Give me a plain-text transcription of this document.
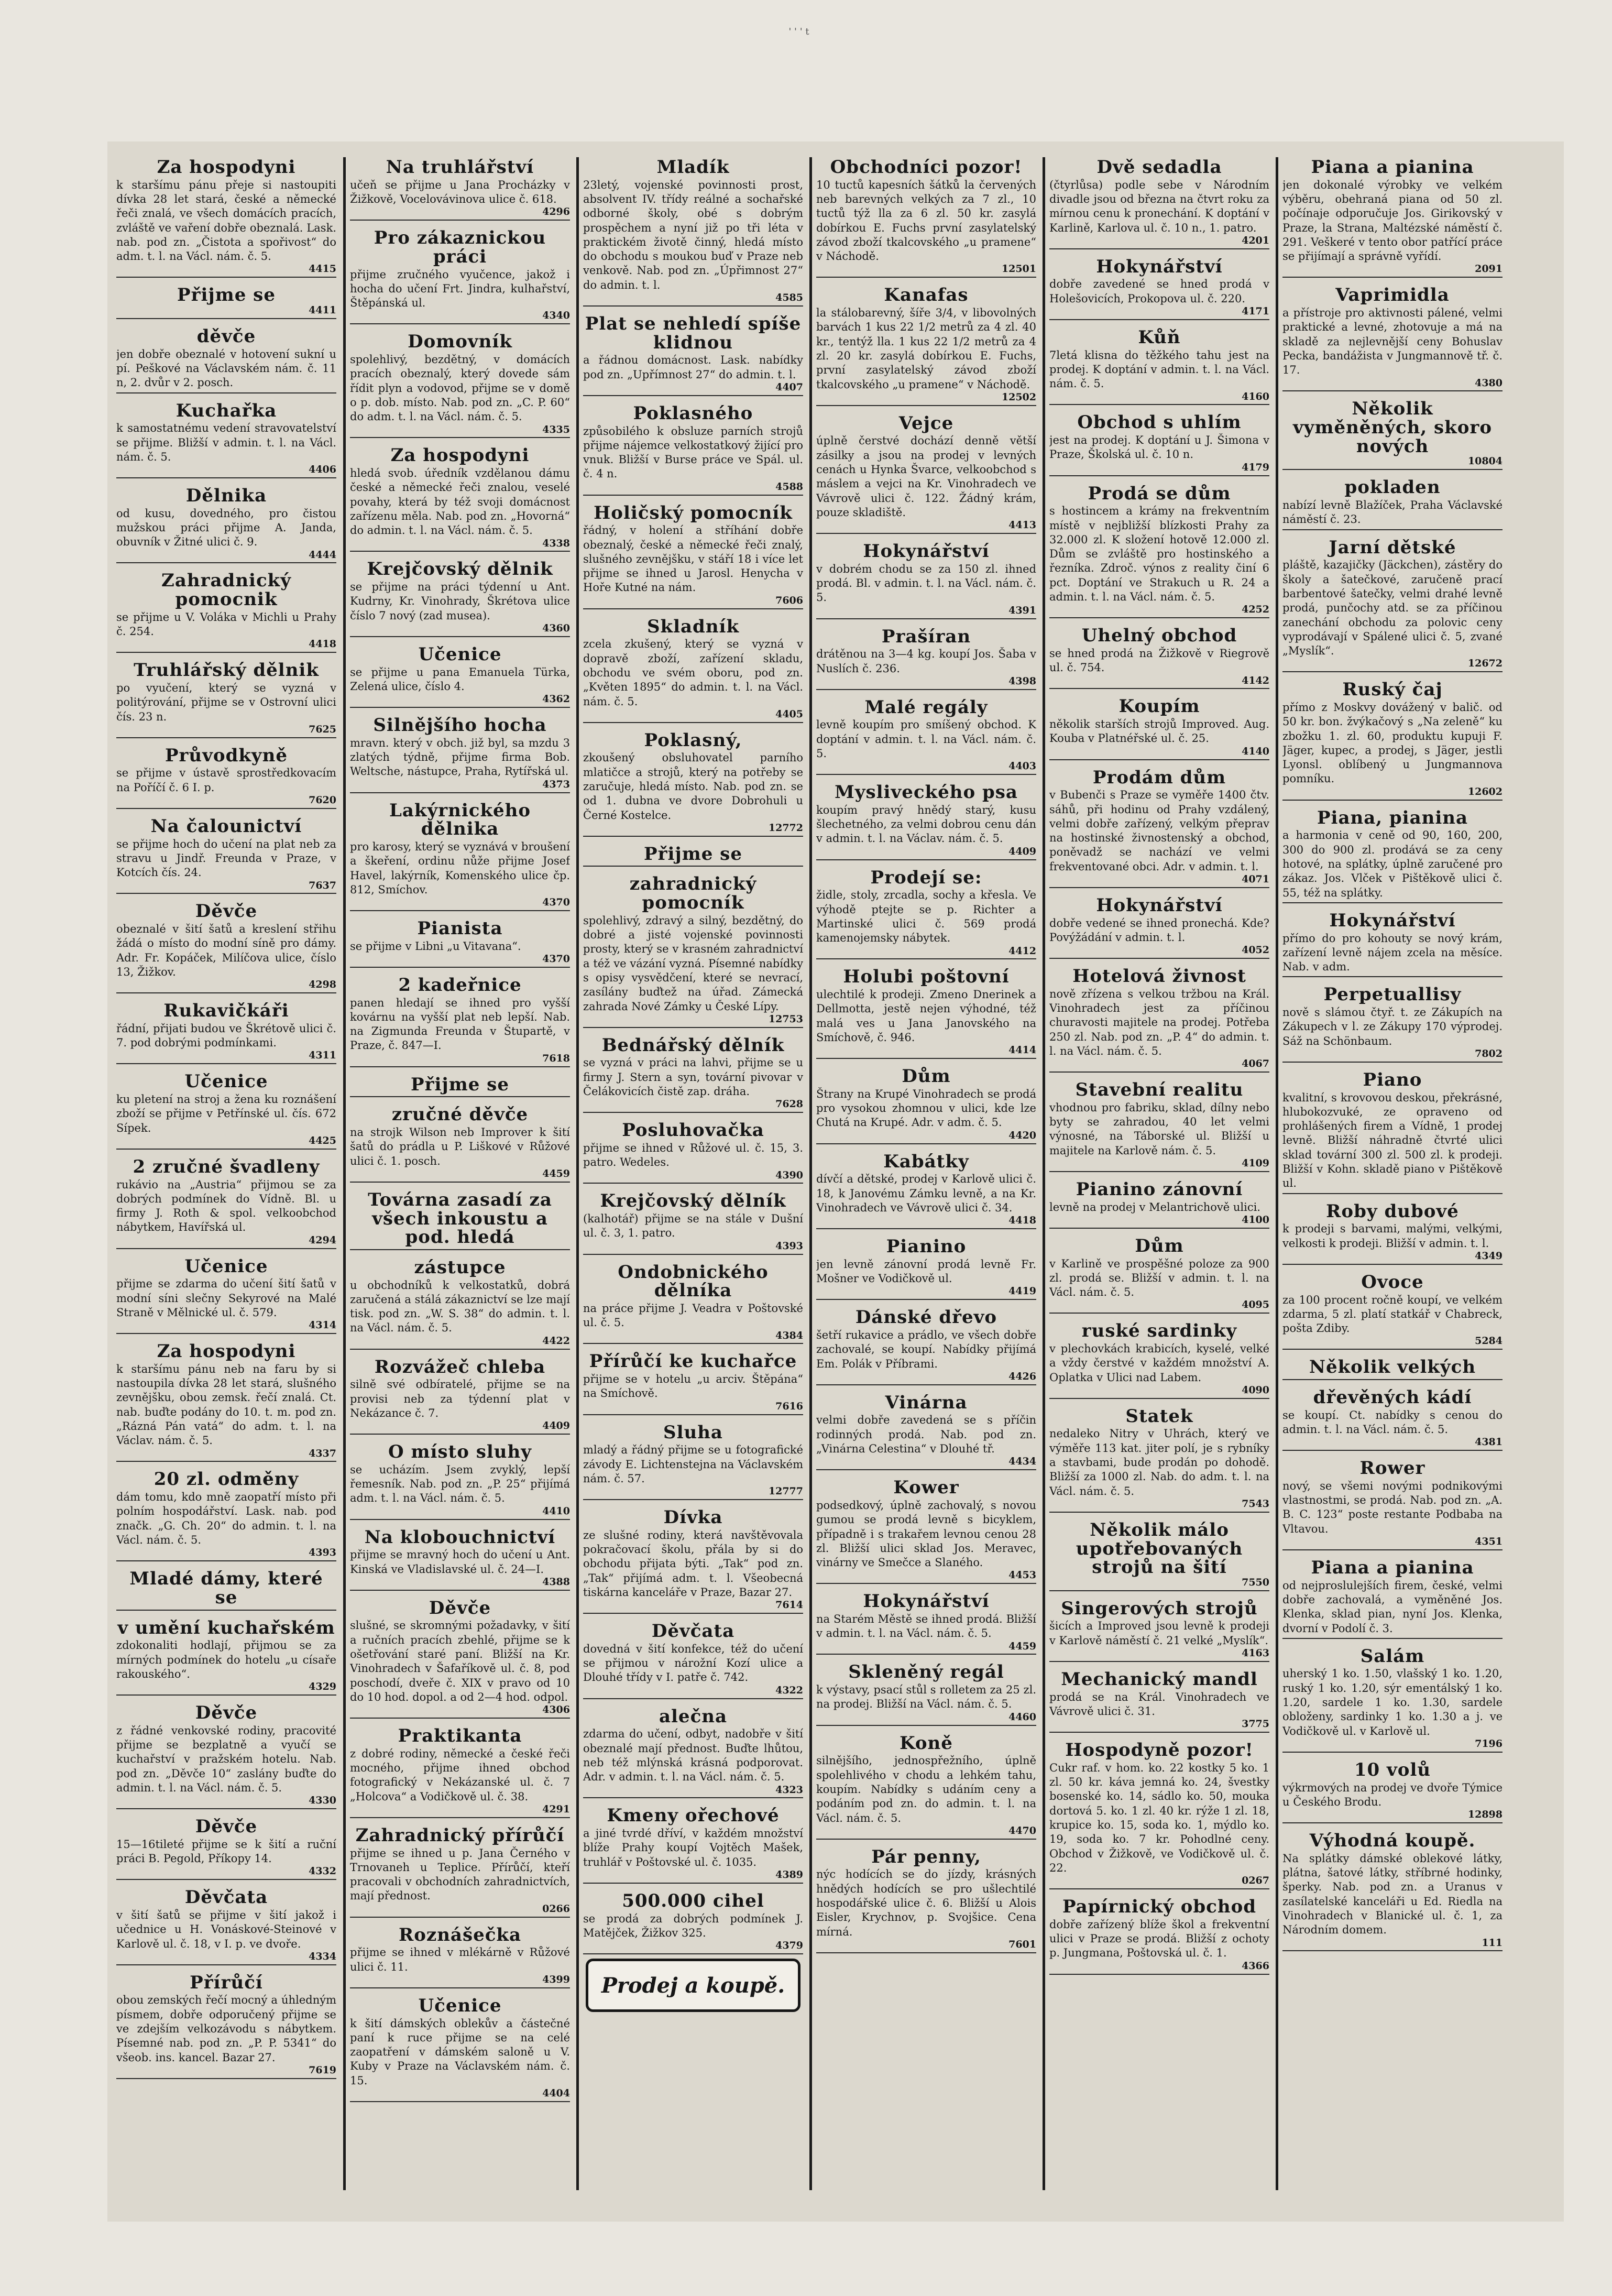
' ' ' t
Za hospodyni

k staršímu pánu přeje si nastoupiti dívka 28 let stará, české a německé řeči znalá, ve všech domácích pracích, zvláště ve vaření dobře obeznalá. Lask. nab. pod zn. „Čistota a spořivost“ do adm. t. l. na Václ. nám. č. 5.

4415
Přijme se
4411
děvče

jen dobře obeznalé v hotovení sukní u pí. Peškové na Václavském nám. č. 11 n, 2. dvůr v 2. posch.

Kuchařka

k samostatnému vedení stravovatelství se přijme. Bližší v admin. t. l. na Václ. nám. č. 5.

4406
Dělnika

od kusu, dovedného, pro čistou mužskou práci přijme A. Janda, obuvník v Žitné ulici č. 9.

4444
Zahradnický pomocnik

se přijme u V. Voláka v Michli u Prahy č. 254.

4418
Truhlářský dělnik

po vyučení, který se vyzná v politýrování, přijme se v Ostrovní ulici čís. 23 n.

7625
Průvodkyně

se přijme v ústavě sprostředkovacím na Poříčí č. 6 I. p.

7620
Na čalounictví

se přijme hoch do učení na plat neb za stravu u Jindř. Freunda v Praze, v Kotcích čís. 24.

7637
Děvče

obeznalé v šití šatů a kreslení střihu žádá o místo do modní síně pro dámy. Adr. Fr. Kopáček, Milíčova ulice, číslo 13, Žižkov.

4298
Rukavičkáři

řádní, přijati budou ve Škrétově ulici č. 7. pod dobrými podmínkami.

4311
Učenice

ku pletení na stroj a žena ku roznášení zboží se přijme v Petřínské ul. čís. 672 Sípek.

4425
2 zručné švadleny

rukávio na „Austria“ přijmou se za dobrých podmínek do Vídně. Bl. u firmy J. Roth & spol. velkoobchod nábytkem, Havířská ul.

4294
Učenice

přijme se zdarma do učení šití šatů v modní síni slečny Sekyrové na Malé Straně v Mělnické ul. č. 579.

4314
Za hospodyni

k staršímu pánu neb na faru by si nastoupila dívka 28 let stará, slušného zevnějšku, obou zemsk. řečí znalá. Ct. nab. buďte podány do 10. t. m. pod zn. „Rázná Pán vatá“ do adm. t. l. na Václav. nám. č. 5.

4337
20 zl. odměny

dám tomu, kdo mně zaopatří místo při polním hospodářství. Lask. nab. pod značk. „G. Ch. 20“ do admin. t. l. na Václ. nám. č. 5.

4393
Mladé dámy, které se
v umění kuchařském

zdokonaliti hodlají, přijmou se za mírných podmínek do hotelu „u císaře rakouského“.

4329
Děvče

z řádné venkovské rodiny, pracovité přijme se bezplatně a vyučí se kuchařství v pražském hotelu. Nab. pod zn. „Děvče 10“ zaslány buďte do admin. t. l. na Václ. nám. č. 5.

4330
Děvče

15—16tileté přijme se k šití a ruční práci B. Pegold, Příkopy 14.

4332
Děvčata

v šití šatů se přijme v šití jakož i učednice u H. Vonáskové-Steinové v Karlově ul. č. 18, v I. p. ve dvoře.

4334
Přírůčí

obou zemských řečí mocný a úhledným písmem, dobře odporučený přijme se ve zdejším velkozávodu s nábytkem. Písemné nab. pod zn. „P. P. 5341“ do všeob. ins. kancel. Bazar 27.

7619
Na truhlářství

učeň se přijme u Jana Procházky v Žižkově, Vocelovávinova ulice č. 618.

4296
Pro zákaznickou práci

přijme zručného vyučence, jakož i hocha do učení Frt. Jindra, kulhařství, Štěpánská ul.

4340
Domovník

spolehlivý, bezdětný, v domácích pracích obeznalý, který dovede sám řídit plyn a vodovod, přijme se v domě o p. dob. místo. Nab. pod zn. „C. P. 60“ do adm. t. l. na Václ. nám. č. 5.

4335
Za hospodyni

hledá svob. úředník vzdělanou dámu české a německé řeči znalou, veselé povahy, která by též svoji domácnost zařízenu měla. Nab. pod zn. „Hovorná“ do admin. t. l. na Václ. nám. č. 5.

4338
Krejčovský dělnik

se přijme na práci týdenní u Ant. Kudrny, Kr. Vinohrady, Škrétova ulice číslo 7 nový (zad musea).

4360
Učenice

se přijme u pana Emanuela Türka, Zelená ulice, číslo 4.

4362
Silnějšího hocha

mravn. který v obch. již byl, sa mzdu 3 zlatých týdně, přijme firma Bob. Weltsche, nástupce, Praha, Rytířská ul.

4373
Lakýrnického dělnika

pro karosy, který se vyznává v broušení a škeření, ordinu nůže přijme Josef Havel, lakýrník, Komenského ulice čp. 812, Smíchov.

4370
Pianista

se přijme v Libni „u Vitavana“.

4370
2 kadeřnice

panen hledají se ihned pro vyšší kovárnu na vyšší plat neb lepší. Nab. na Zigmunda Freunda v Štupartě, v Praze, č. 847—I.

7618
Přijme se
zručné děvče

na strojk Wilson neb Improver k šití šatů do prádla u P. Liškové v Růžové ulici č. 1. posch.

4459
Továrna zasadí za všech inkoustu a pod. hledá
zástupce

u obchodníků k velkostatků, dobrá zaručená a stálá zákaznictví se lze mají tisk. pod zn. „W. S. 38“ do admin. t. l. na Václ. nám. č. 5.

4422
Rozvážeč chleba

silně své odbíratelé, přijme se na provisi neb za týdenní plat v Nekázance č. 7.

4409
O místo sluhy

se ucházím. Jsem zvyklý, lepší řemesník. Nab. pod zn. „P. 25“ přijímá adm. t. l. na Václ. nám. č. 5.

4410
Na klobouchnictví

přijme se mravný hoch do učení u Ant. Kinská ve Vladislavské ul. č. 24—I.

4388
Děvče

slušné, se skromnými požadavky, v šití a ručních pracích zbehlé, přijme se k ošetřování staré paní. Bližší na Kr. Vinohradech v Šafaříkově ul. č. 8, pod poschodí, dveře č. XIX v pravo od 10 do 10 hod. dopol. a od 2—4 hod. odpol.

4306
Praktikanta

z dobré rodiny, německé a české řeči mocného, přijme ihned obchod fotografický v Nekázanské ul. č. 7 „Holcova“ a Vodičkově ul. č. 38.

4291
Zahradnický přírůčí

přijme se ihned u p. Jana Černého v Trnovaneh u Teplice. Přírůčí, kteří pracovali v obchodních zahradnictvích, mají přednost.

0266
Roznášečka

přijme se ihned v mlékárně v Růžové ulici č. 11.

4399
Učenice

k šití dámských oblekův a částečné paní k ruce přijme se na celé zaopatření v dámském saloně u V. Kuby v Praze na Václavském nám. č. 15.

4404
Mladík

23letý, vojenské povinnosti prost, absolvent IV. třídy reálné a sochařské odborné školy, obé s dobrým prospěchem a nyní již po tři léta v praktickém životě činný, hledá místo do obchodu s moukou buď v Praze neb venkově. Nab. pod zn. „Úpřimnost 27“ do admin. t. l.

4585
Plat se nehledí spíše klidnou

a řádnou domácnost. Lask. nabídky pod zn. „Upřímnost 27“ do admin. t. l.

4407
Poklasného

způsobilého k obsluze parních strojů přijme nájemce velkostatkový žijící pro vnuk. Bližší v Burse práce ve Spál. ul. č. 4 n.

4588
Holičský pomocník

řádný, v holení a stříhání dobře obeznalý, české a německé řeči znalý, slušného zevnějšku, v stáří 18 i více let přijme se ihned u Jarosl. Henycha v Hoře Kutné na nám.

7606
Skladník

zcela zkušený, který se vyzná v dopravě zboží, zařízení skladu, obchodu ve svém oboru, pod zn. „Květen 1895“ do admin. t. l. na Václ. nám. č. 5.

4405
Poklasný,

zkoušený obsluhovatel parního mlatičce a strojů, který na potřeby se zaručuje, hledá místo. Nab. pod zn. se od 1. dubna ve dvore Dobrohuli u Černé Kostelce.

12772
Přijme se
zahradnický pomocník

spolehlivý, zdravý a silný, bezdětný, do dobré a jisté vojenské povinnosti prosty, který se v krasném zahradnictví a též ve vázání vyzná. Písemné nabídky s opisy vysvědčení, které se nevrací, zasílány buďtež na úřad. Zámecká zahrada Nové Zámky u České Lípy.

12753
Bednářský dělník

se vyzná v práci na lahvi, přijme se u firmy J. Stern a syn, tovární pivovar v Čelákovicích čistě zap. dráha.

7628
Posluhovačka

přijme se ihned v Růžové ul. č. 15, 3. patro. Wedeles.

4390
Krejčovský dělník

(kalhotář) přijme se na stále v Dušní ul. č. 3, 1. patro.

4393
Ondobnického dělníka

na práce přijme J. Veadra v Poštovské ul. č. 5.

4384
Přírůčí ke kuchařce

přijme se v hotelu „u arciv. Štěpána“ na Smíchově.

7616
Sluha

mladý a řádný přijme se u fotografické závody E. Lichtenstejna na Václavském nám. č. 57.

12777
Dívka

ze slušné rodiny, která navštěvovala pokračovací školu, přála by si do obchodu přijata býti. „Tak“ pod zn. „Tak“ přijímá adm. t. l. Všeobecná tiskárna kanceláře v Praze, Bazar 27.

7614
Děvčata

dovedná v šití konfekce, též do učení se přijmou v nárožní Kozí ulice a Dlouhé třídy v I. patře č. 742.

4322
alečna

zdarma do učení, odbyt, nadobře v šití obeznalé mají přednost. Buďte lhůtou, neb též mlýnská krásná podporovat. Adr. v admin. t. l. na Václ. nám. č. 5.

4323
Kmeny ořechové

a jiné tvrdé dříví, v každém množství blíže Prahy koupí Vojtěch Mašek, truhlář v Poštovské ul. č. 1035.

4389
500.000 cihel

se prodá za dobrých podmínek J. Matějček, Žižkov 325.

4379
Obchodníci pozor!

10 tuctů kapesních šátků la červených neb barevných velkých za 7 zl., 10 tuctů týž lla za 6 zl. 50 kr. zasylá dobírkou E. Fuchs první zasylatelský závod zboží tkalcovského „u pramene“ v Náchodě.

12501
Kanafas

la stálobarevný, šíře 3/4, v libovolných barvách 1 kus 22 1/2 metrů za 4 zl. 40 kr., tentýž lla. 1 kus 22 1/2 metrů za 4 zl. 20 kr. zasylá dobírkou E. Fuchs, první zasylatelský závod zboží tkalcovského „u pramene“ v Náchodě.

12502
Vejce

úplně čerstvé dochází denně větší zásilky a jsou na prodej v levných cenách u Hynka Švarce, velkoobchod s máslem a vejci na Kr. Vinohradech ve Vávrově ulici č. 122. Žádný krám, pouze skladiště.

4413
Hokynářství

v dobrém chodu se za 150 zl. ihned prodá. Bl. v admin. t. l. na Václ. nám. č. 5.

4391
Prašíran

drátěnou na 3—4 kg. koupí Jos. Šaba v Nuslích č. 236.

4398
Malé regály

levně koupím pro smíšený obchod. K doptání v admin. t. l. na Václ. nám. č. 5.

4403
Mysliveckého psa

koupím pravý hnědý starý, kusu šlechetného, za velmi dobrou cenu dán v admin. t. l. na Václav. nám. č. 5.

4409
Prodejí se:

židle, stoly, zrcadla, sochy a křesla. Ve výhodě ptejte se p. Richter a Martinské ulici č. 569 prodá kamenojemsky nábytek.

4412
Holubi poštovní

ulechtilé k prodeji. Zmeno Dnerinek a Dellmotta, jestě nejen výhodné, též malá ves u Jana Janovského na Smíchově, č. 946.

4414
Dům

Štrany na Krupé Vinohradech se prodá pro vysokou zhomnou v ulici, kde lze Chutá na Krupé. Adr. v adm. č. 5.

4420
Kabátky

dívčí a dětské, prodej v Karlově ulici č. 18, k Janovému Zámku levně, a na Kr. Vinohradech ve Vávrově ulici č. 34.

4418
Pianino

jen levně zánovní prodá levně Fr. Mošner ve Vodičkově ul.

4419
Dánské dřevo

šetří rukavice a prádlo, ve všech dobře zachovalé, se koupí. Nabídky přijímá Em. Polák v Příbrami.

4426
Vinárna

velmi dobře zavedená se s příčin rodinných prodá. Nab. pod zn. „Vinárna Celestina“ v Dlouhé tř.

4434
Kower

podsedkový, úplně zachovalý, s novou gumou se prodá levně s bicyklem, případně i s trakařem levnou cenou 28 zl. Bližší ulici sklad Jos. Meravec, vinárny ve Smečce a Slaného.

4453
Hokynářství

na Starém Městě se ihned prodá. Bližší v admin. t. l. na Václ. nám. č. 5.

4459
Skleněný regál

k výstavy, psací stůl s rolletem za 25 zl. na prodej. Bližší na Václ. nám. č. 5.

4460
Koně

silnějšího, jednospřežního, úplně spolehlivého v chodu a lehkém tahu, koupím. Nabídky s udáním ceny a podáním pod zn. do admin. t. l. na Václ. nám. č. 5.

4470
Pár penny,

nýc hodících se do jízdy, krásných hnědých hodících se pro ušlechtilé hospodářské ulice č. 6. Bližší u Alois Eisler, Krychnov, p. Svojšice. Cena mírná.

7601
Dvě sedadla

(čtyrlůsa) podle sebe v Národním divadle jsou od března na čtvrt roku za mírnou cenu k pronechání. K doptání v Karlině, Karlova ul. č. 10 n., 1. patro.

4201
Hokynářství

dobře zavedené se hned prodá v Holešovicích, Prokopova ul. č. 220.

4171
Kůň

7letá klisna do těžkého tahu jest na prodej. K doptání v admin. t. l. na Václ. nám. č. 5.

4160
Obchod s uhlím

jest na prodej. K doptání u J. Šimona v Praze, Školská ul. č. 10 n.

4179
Prodá se dům

s hostincem a krámy na frekventním místě v nejbližší blízkosti Prahy za 32.000 zl. K složení hotově 12.000 zl. Dům se zvláště pro hostinského a řezníka. Zdroč. výnos z reality činí 6 pct. Doptání ve Strakuch u R. 24 a admin. t. l. na Václ. nám. č. 5.

4252
Uhelný obchod

se hned prodá na Žižkově v Riegrově ul. č. 754.

4142
Koupím

několik starších strojů Improved. Aug. Kouba v Platnéřské ul. č. 25.

4140
Prodám dům

v Bubenči s Praze se vyměře 1400 čtv. sáhů, při hodinu od Prahy vzdálený, velmi dobře zařízený, velkým přeprav na hostinské živnostenský a obchod, poněvadž se nachází ve velmi frekventované obci. Adr. v admin. t. l.

4071
Hokynářství

dobře vedené se ihned pronechá. Kde? Povýžádání v admin. t. l.

4052
Hotelová živnost

nově zřízena s velkou tržbou na Král. Vinohradech jest za příčinou churavosti majitele na prodej. Potřeba 250 zl. Nab. pod zn. „P. 4“ do admin. t. l. na Václ. nám. č. 5.

4067
Stavební realitu

vhodnou pro fabriku, sklad, dílny nebo byty se zahradou, 40 let velmi výnosné, na Táborské ul. Bližší u majitele na Karlově nám. č. 5.

4109
Pianino zánovní

levně na prodej v Melantrichově ulici.

4100
Dům

v Karlině ve prospěšné poloze za 900 zl. prodá se. Bližší v admin. t. l. na Václ. nám. č. 5.

4095
ruské sardinky

v plechovkách krabicích, kyselé, velké a vždy čerstvé v každém množství A. Oplatka v Ulici nad Labem.

4090
Statek

nedaleko Nitry v Uhrách, který ve výměře 113 kat. jiter polí, je s rybníky a stavbami, bude prodán po dohodě. Bližší za 1000 zl. Nab. do adm. t. l. na Václ. nám. č. 5.

7543
Několik málo upotřebovaných strojů na šití
7550
Singerových strojů

šicích a Improved jsou levně k prodeji v Karlově náměstí č. 21 velké „Myslík“.

4163
Mechanický mandl

prodá se na Král. Vinohradech ve Vávrově ulici č. 31.

3775
Hospodyně pozor!

Cukr raf. v hom. ko. 22 kostky 5 ko. 1 zl. 50 kr. káva jemná ko. 24, švestky bosenské ko. 14, sádlo ko. 50, mouka dortová 5. ko. 1 zl. 40 kr. rýže 1 zl. 18, krupice ko. 15, soda ko. 1, mýdlo ko. 19, soda ko. 7 kr. Pohodlné ceny. Obchod v Žižkově, ve Vodičkově ul. č. 22.

0267
Papírnický obchod

dobře zařízený blíže škol a frekventní ulici v Praze se prodá. Bližší z ochoty p. Jungmana, Poštovská ul. č. 1.

4366
Piana a pianina

jen dokonalé výrobky ve velkém výběru, obehraná piana od 50 zl. počínaje odporučuje Jos. Girikovský v Praze, la Strana, Maltézské náměstí č. 291. Veškeré v tento obor patřící práce se přijímají a správně vyřídí.

2091
Vaprimidla

a přístroje pro aktivnosti pálené, velmi praktické a levné, zhotovuje a má na skladě za nejlevnější ceny Bohuslav Pecka, bandážista v Jungmannově tř. č. 17.

4380
Několik vyměněných, skoro nových
10804
pokladen

nabízí levně Blažíček, Praha Václavské náměstí č. 23.

Jarní dětské

pláště, kazajičky (Jäckchen), zástěry do školy a šatečkové, zaručeně prací barbentové šatečky, velmi drahé levně prodá, punčochy atd. se za příčinou zanechání obchodu za polovic ceny vyprodávají v Spálené ulici č. 5, zvané „Myslík“.

12672
Ruský čaj

přímo z Moskvy dovážený v balič. od 50 kr. bon. žvýkačový s „Na zeleně“ ku zbožku 1. zl. 60, produktu kupuji F. Jäger, kupec, a prodej, s Jäger, jestli Lyonsl. oblíbený u Jungmannova pomníku.

12602
Piana, pianina

a harmonia v ceně od 90, 160, 200, 300 do 900 zl. prodává se za ceny hotové, na splátky, úplně zaručené pro zákaz. Jos. Vlček v Pištěkově ulici č. 55, též na splátky.

Hokynářství

přímo do pro kohouty se nový krám, zařízení levně nájem zcela na měsíce. Nab. v adm.

Perpetuallisy

nově s slámou čtyř. t. ze Zákupích na Zákupech v l. ze Zákupy 170 výprodej. Sáž na Schönbaum.

7802
Piano

kvalitní, s krovovou deskou, překrásné, hlubokozvuké, ze opraveno od prohlášených firem a Vídně, 1 prodej levně. Bližší náhradně čtvrté ulici sklad tovární 300 zl. 500 zl. k prodeji. Bližší v Kohn. skladě piano v Pištěkově ul.

Roby dubové

k prodeji s barvami, malými, velkými, velkosti k prodeji. Bližší v admin. t. l.

4349
Ovoce

za 100 procent ročně koupí, ve velkém zdarma, 5 zl. platí statkář v Chabreck, pošta Zdiby.

5284
Několik velkých
dřevěných kádí

se koupí. Ct. nabídky s cenou do admin. t. l. na Václ. nám. č. 5.

4381
Rower

nový, se všemi novými podnikovými vlastnostmi, se prodá. Nab. pod zn. „A. B. C. 123“ poste restante Podbaba na Vltavou.

4351
Piana a pianina

od nejproslulejších firem, české, velmi dobře zachovalá, a vyměněné Jos. Klenka, sklad pian, nyní Jos. Klenka, dvorní v Podolí č. 3.

Salám

uherský 1 ko. 1.50, vlašský 1 ko. 1.20, ruský 1 ko. 1.20, sýr ementálský 1 ko. 1.20, sardele 1 ko. 1.30, sardele obloženy, sardinky 1 ko. 1.30 a j. ve Vodičkově ul. v Karlově ul.

7196
10 volů

výkrmových na prodej ve dvoře Týmice u Českého Brodu.

12898
Výhodná koupě.

Na splátky dámské oblekové látky, plátna, šatové látky, stříbrné hodinky, šperky. Nab. pod zn. a Uranus v zasílatelské kanceláři u Ed. Riedla na Vinohradech v Blanické ul. č. 1, za Národním domem.

111
Prodej a koupě.
